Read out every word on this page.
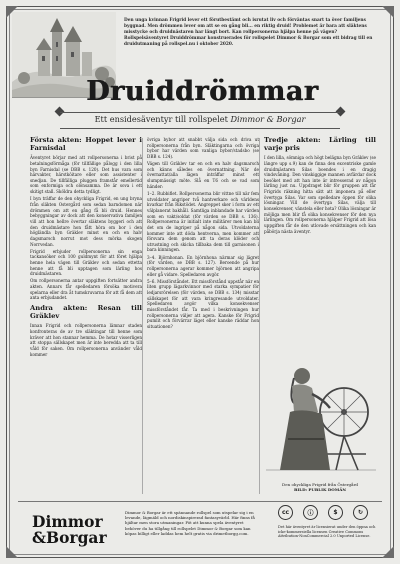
Den unga kvinnan Frigrid lever ett förutbestämt och isrutat liv och förväntas snart ta över familjens byggnad. Men drömmen lever om att se en gång bli... en riktig druid! Problemet är bara att släktens misstycke och druidnästaren har längt bort. Kan rollpersonerna hjälpa henne på vägen? Rollspelsäventyret Druiddrömmar konstruerades för rollspelet Dimmor & Borgar som ett bidrag till en druidutmaning på rollspel.nu i oktober 2020.

Druiddrömmar
Ett ensidesäventyr till rollspelet Dimmor & Borgar
Första akten: Hoppet lever i Farnisdal

Äventyret börjar med att rollpersonerna i brist på betalningsförmåga (för tillfällige pålogg i den lilla byn Farnisdal (se DBB s. 120). Det hus vara som härvakter, härstköitare eller som assistenter i snedjan. De tillfälliga pluggen framstår emellertid som enformiga och olönsamma. De är sova i ett skitigt stall. Sköldra detta tydligt.

I byn träffar de den ohyckliga Frigrid, en ung bryna från släkten Ostergård som sedan barndomen när drömmen om att en gång få bli druid. Hennes bebyggningar av dock att den konservativa familjen vill att hon hellre övertar släktens byggeri och att den druidmästare hon fått höra om bor i den högländla byn Gräklev minst en och en halv dagsmarsch norrut mot dess mörka skogen Norrvedan.

Frigrid erbjuder rollpersonerna sin enga tackansöker och 100 guldmynt för att föret hjälpa henne hela vägen till Gräklev och sedan ettetta henne att få bli upptagen som lärling hos druidmästaren.

Om rollpersonerna antar uppgiften fortsätter andra akten. Annars får spelledaren försöka motivera spelarna eller dra åt tumskruvarna för att få dem att anta erbjudandet.

Andra akten: Resan till Gräklev

Innan Frigrid och rollpersonerna lämnar staden konfronteras de av tre släktingar till henne som kräver att hon stannar hemma. De hotar visserligen att stoppa sällskapet men är inte beredda att ta till våld för saken. Om rollpersonerna använder våld kommer

övriga bybor att snabbt välja sida och driva ut rollpersonerna från byn. Släktingarna och övriga bybor har värden som vanliga bybor/stadsbo (se DBB s. 124).

Vägen till Gräklev tar en och en halv dagsmarsch och känns således en övernattning. När de övernattat/alla lägen inträffar minst ett slumpmässigt möte. Slå en T6 och se vad som händer:

1–2. Rubbiflet. Rollpersonerna blir vittne till när fem utvoldater angriper två hantverkare och världens kvarkar från Rikstödet. Angreppet sker i form av ett välplanerat bakhåll. Samtliga inblandade har värden som en vakt/soldat (för värden se DBB s. 136). Rollpersonerna är initialt inte militärer men kan bli det om de ingriper på någon sida. Utvoldaterna kommer inte att döda hentverna, men kommer att försvara dem genom att ta deras klöder och utrustning och skicka tillbaka dem till garnisonen i bara kinningen.

3–4. Björnhonan. En björnhona närmar sig lägret (för värden, se DBB s. 127). Beroende på hur rollpersonerna agerar kommer björnen att angripa eller gå vidare. Spelledaren avgör.

5–6. Missförståndet. Ett missförstånd uppstår när en liten grupp lägarkvinnor med starka sympatier för ledjarsrörelsen (för värden, se DBB s. 134) misstar sällskapet för att vara kringresande utvoldater. Spelledaren avgör vilka konsekvenser missförståndet får. Ta med i beskrivningen hur rollpersonerna väljer att agera. Kanske för Frigrid pumlit och förvärrar läget eller kanske räddar hon situationen?

Tredje akten: Lärling till varje pris

I den lilla, sömniga och högt belägna byn Gräklev (se längre upp s.9) kan de finna den excentriske gamle druidmästaren Silas boendes i en dragig vindsvåning. Den vinskiggige mannen avfärdar dock besöket med att han inte är intresserad av någon lärling just nu. Uppdraget blir för gruppen att får Frigrids räkning hitta sätt att imponera på eller övertyga Silas. Var som spelledare öppen för olika lösningar. Vill de övertyga Silas, välja till konsekvenser, vänstela eller hota? Olika lösningar är möjliga men blir få olika konsekvenser för den nya lärlingen. Om rollpersonerna hjälper Frigrid att lösa uppgiften får de den utlovade ersättningen och kan påbörja nästa äventyr.

Den ohyckliga Frigrid från Östergård
BILD: PUBLIK DOMÄN
Dimmor
&Borgar
Dimmor & Borgar är ett spännande rollspel som utspelar sig i en levande, lägmäld och nordiskinspirerad fantasyvärld. Här finns få hjältar men stora utmaningar. Föt att kunna spela äventyret behöver du ha tillgång till rollspelet Dimmor & Borgar som kan köpas billigt eller laddas hem helt gratis via drimetborgg.com.
cc	ⓘ	$	↻
Det här äventyret är licensierat under den öppna och icke-kommersiella licensen Creative Commons Attribution-NonCommercial 2.0 Unported License.
